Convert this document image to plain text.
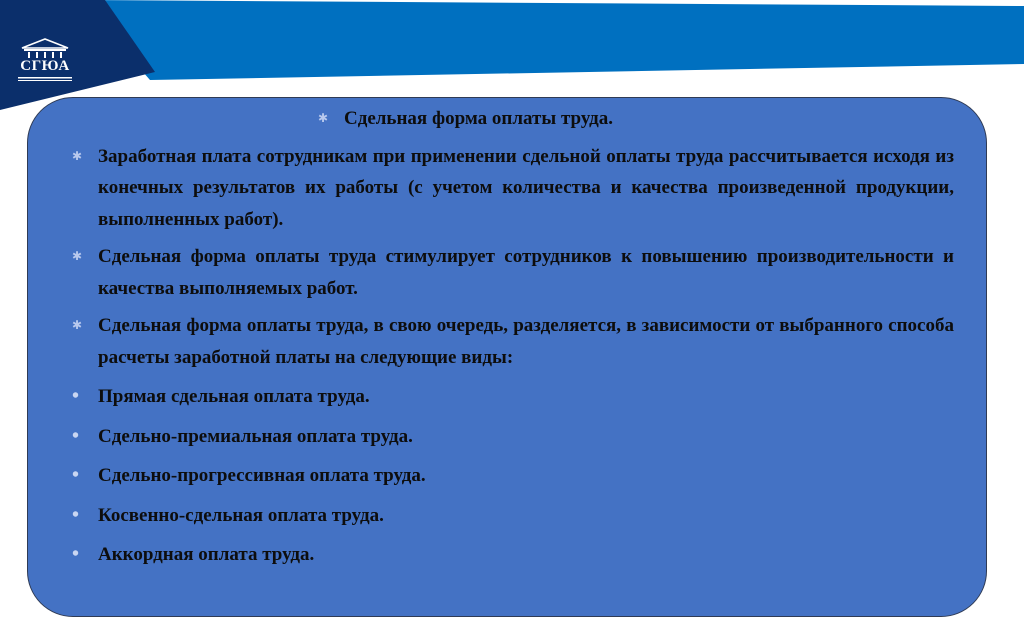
СГЮА
✱ Сдельная форма оплаты труда.
✱ Заработная плата сотрудникам при применении сдельной оплаты труда рассчитывается исходя из конечных результатов их работы (с учетом количества и качества произведенной продукции, выполненных работ).
✱ Сдельная форма оплаты труда стимулирует сотрудников к повышению производительности и качества выполняемых работ.
✱ Сдельная форма оплаты труда, в свою очередь, разделяется, в зависимости от выбранного способа расчеты заработной платы на следующие виды:
• Прямая сдельная оплата труда.
• Сдельно-премиальная оплата труда.
• Сдельно-прогрессивная оплата труда.
• Косвенно-сдельная оплата труда.
• Аккордная оплата труда.
